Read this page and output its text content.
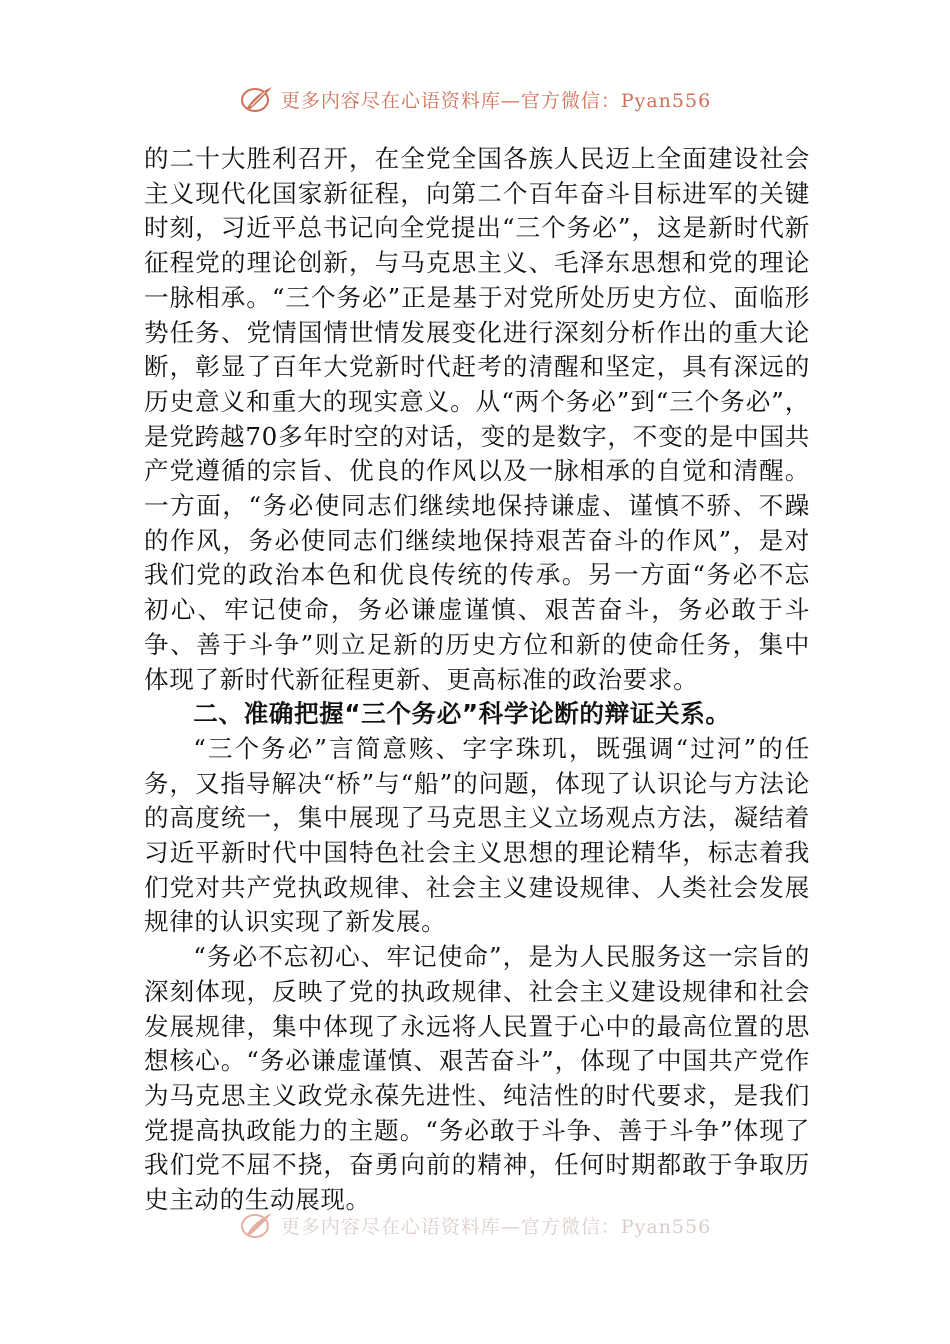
更多内容尽在心语资料库—官方微信：Pyan556

的二十大胜利召开，在全党全国各族人民迈上全面建设社会主义现代化国家新征程，向第二个百年奋斗目标进军的关键时刻，习近平总书记向全党提出“三个务必”，这是新时代新征程党的理论创新，与马克思主义、毛泽东思想和党的理论一脉相承。“三个务必”正是基于对党所处历史方位、面临形势任务、党情国情世情发展变化进行深刻分析作出的重大论断，彰显了百年大党新时代赶考的清醒和坚定，具有深远的历史意义和重大的现实意义。从“两个务必”到“三个务必”，是党跨越70多年时空的对话，变的是数字，不变的是中国共产党遵循的宗旨、优良的作风以及一脉相承的自觉和清醒。一方面，“务必使同志们继续地保持谦虚、谨慎不骄、不躁的作风，务必使同志们继续地保持艰苦奋斗的作风”，是对我们党的政治本色和优良传统的传承。另一方面“务必不忘初心、牢记使命，务必谦虚谨慎、艰苦奋斗，务必敢于斗争、善于斗争”则立足新的历史方位和新的使命任务，集中体现了新时代新征程更新、更高标准的政治要求。

二、准确把握“三个务必”科学论断的辩证关系。

“三个务必”言简意赅、字字珠玑，既强调“过河”的任务，又指导解决“桥”与“船”的问题，体现了认识论与方法论的高度统一，集中展现了马克思主义立场观点方法，凝结着习近平新时代中国特色社会主义思想的理论精华，标志着我们党对共产党执政规律、社会主义建设规律、人类社会发展规律的认识实现了新发展。

“务必不忘初心、牢记使命”，是为人民服务这一宗旨的深刻体现，反映了党的执政规律、社会主义建设规律和社会发展规律，集中体现了永远将人民置于心中的最高位置的思想核心。“务必谦虚谨慎、艰苦奋斗”，体现了中国共产党作为马克思主义政党永葆先进性、纯洁性的时代要求，是我们党提高执政能力的主题。“务必敢于斗争、善于斗争”体现了我们党不屈不挠，奋勇向前的精神，任何时期都敢于争取历史主动的生动展现。

更多内容尽在心语资料库—官方微信：Pyan556
